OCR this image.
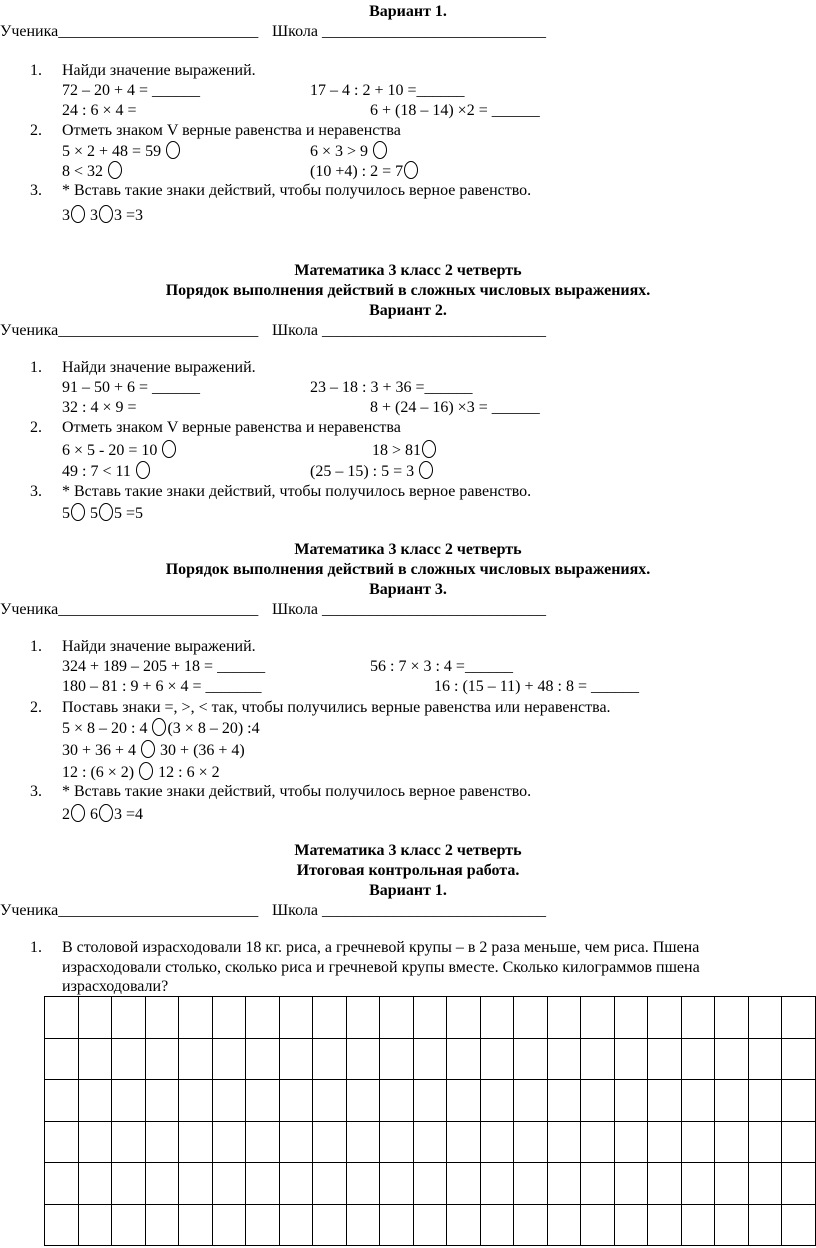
Вариант 1.
Ученика_________________________ Школа ____________________________
1. Найди значение выражений.
72 – 20 + 4 = ______	17 – 4 : 2 + 10 =______
24 : 6 × 4 =	6 + (18 – 14) ×2 = ______
2. Отметь знаком V верные равенства и неравенства
5 × 2 + 48 = 59	6 × 3 > 9
8 < 32	(10 +4) : 2 = 7
3. * Вставь такие знаки действий, чтобы получилось верное равенство.
3 3 3 =3
Математика 3 класс 2 четверть
Порядок выполнения действий в сложных числовых выражениях.
Вариант 2.
Ученика_________________________ Школа ____________________________
1. Найди значение выражений.
91 – 50 + 6 = ______	23 – 18 : 3 + 36 =______
32 : 4 × 9 =	8 + (24 – 16) ×3 = ______
2. Отметь знаком V верные равенства и неравенства
6 × 5 - 20 = 10	18 > 81
49 : 7 < 11	(25 – 15) : 5 = 3
3. * Вставь такие знаки действий, чтобы получилось верное равенство.
5 5 5 =5
Математика 3 класс 2 четверть
Порядок выполнения действий в сложных числовых выражениях.
Вариант 3.
Ученика_________________________ Школа ____________________________
1. Найди значение выражений.
324 + 189 – 205 + 18 = ______	56 : 7 × 3 : 4 =______
180 – 81 : 9 + 6 × 4 = _______	16 : (15 – 11) + 48 : 8 = ______
2. Поставь знаки =, >, < так, чтобы получились верные равенства или неравенства.
5 × 8 – 20 : 4 (3 × 8 – 20) :4
30 + 36 + 4 30 + (36 + 4)
12 : (6 × 2) 12 : 6 × 2
3. * Вставь такие знаки действий, чтобы получилось верное равенство.
2 6 3 =4
Математика 3 класс 2 четверть
Итоговая контрольная работа.
Вариант 1.
Ученика_________________________ Школа ____________________________
1. В столовой израсходовали 18 кг. риса, а гречневой крупы – в 2 раза меньше, чем риса. Пшена
израсходовали столько, сколько риса и гречневой крупы вместе. Сколько килограммов пшена
израсходовали?
